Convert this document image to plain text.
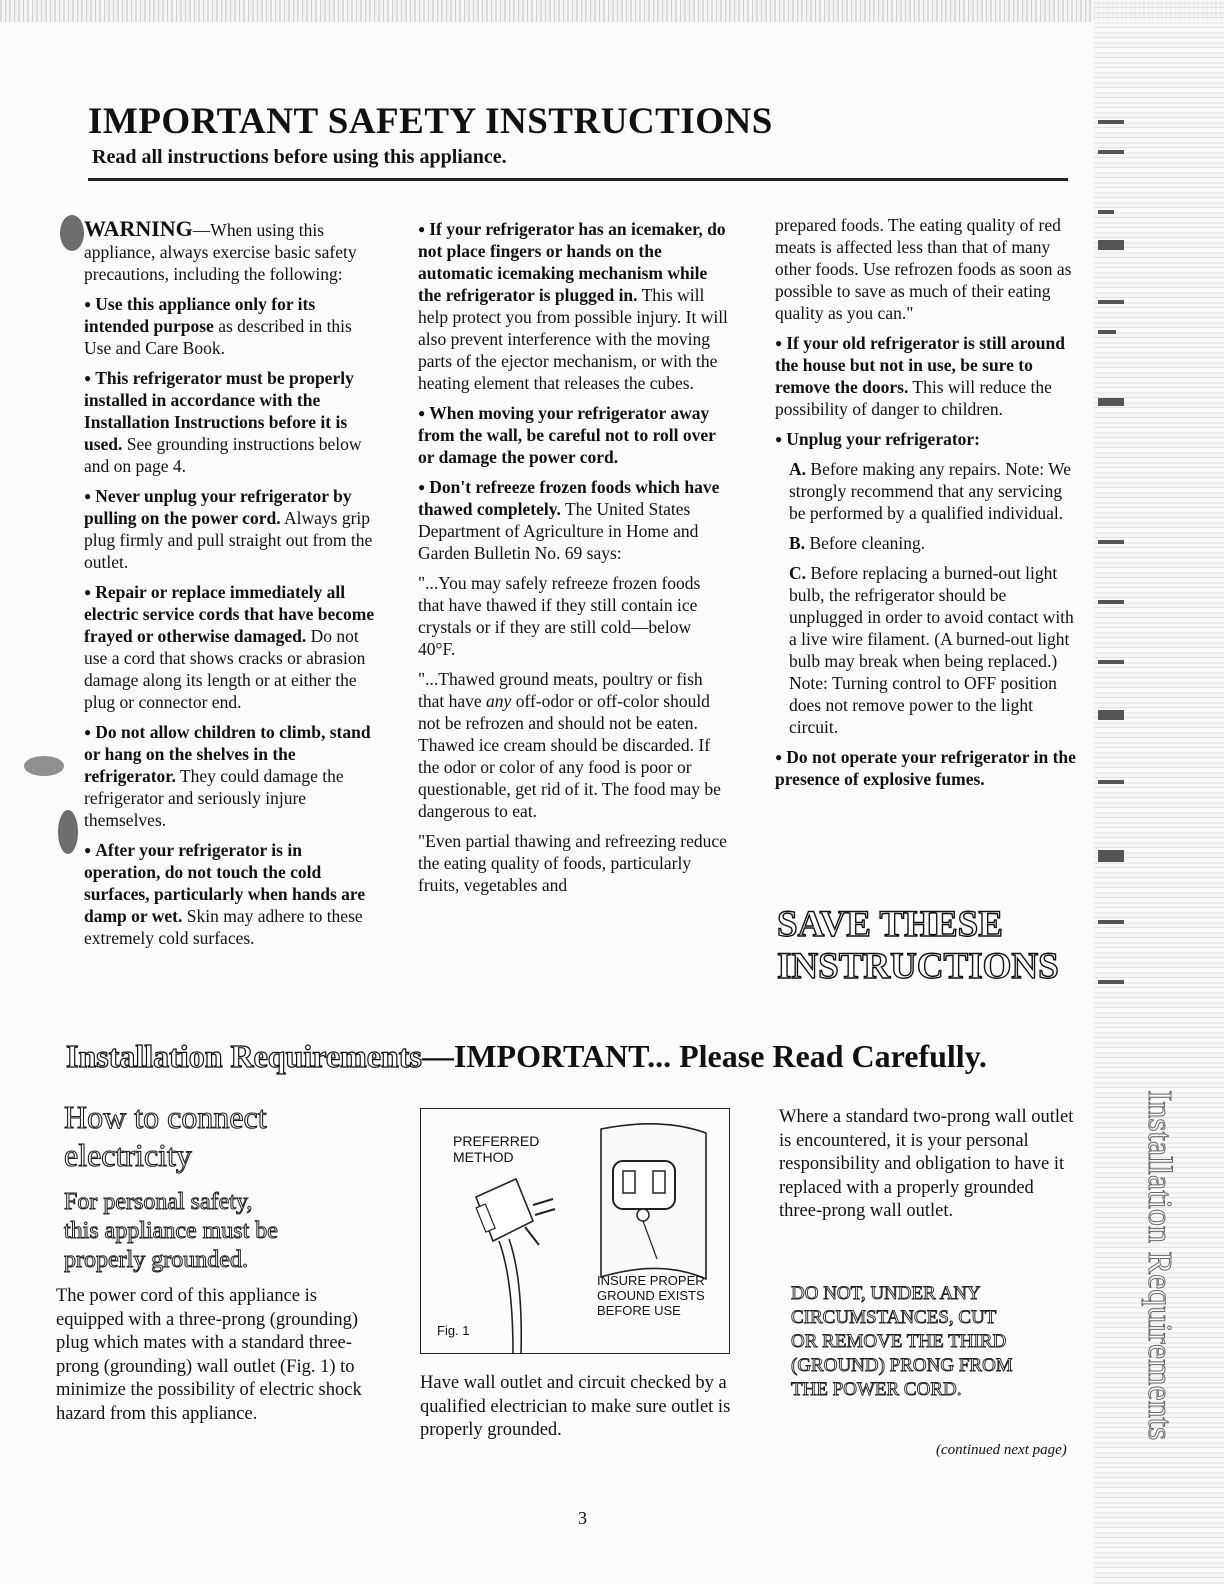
Installation Requirements
IMPORTANT SAFETY INSTRUCTIONS
Read all instructions before using this appliance.

WARNING—When using this appliance, always exercise basic safety precautions, including the following:

● Use this appliance only for its intended purpose as described in this Use and Care Book.

● This refrigerator must be properly installed in accordance with the Installation Instructions before it is used. See grounding instructions below and on page 4.

● Never unplug your refrigerator by pulling on the power cord. Always grip plug firmly and pull straight out from the outlet.

● Repair or replace immediately all electric service cords that have become frayed or otherwise damaged. Do not use a cord that shows cracks or abrasion damage along its length or at either the plug or connector end.

● Do not allow children to climb, stand or hang on the shelves in the refrigerator. They could damage the refrigerator and seriously injure themselves.

● After your refrigerator is in operation, do not touch the cold surfaces, particularly when hands are damp or wet. Skin may adhere to these extremely cold surfaces.

● If your refrigerator has an icemaker, do not place fingers or hands on the automatic icemaking mechanism while the refrigerator is plugged in. This will help protect you from possible injury. It will also prevent interference with the moving parts of the ejector mechanism, or with the heating element that releases the cubes.

● When moving your refrigerator away from the wall, be careful not to roll over or damage the power cord.

● Don't refreeze frozen foods which have thawed completely. The United States Department of Agriculture in Home and Garden Bulletin No. 69 says:

"...You may safely refreeze frozen foods that have thawed if they still contain ice crystals or if they are still cold—below 40°F.

"...Thawed ground meats, poultry or fish that have any off-odor or off-color should not be refrozen and should not be eaten. Thawed ice cream should be discarded. If the odor or color of any food is poor or questionable, get rid of it. The food may be dangerous to eat.

"Even partial thawing and refreezing reduce the eating quality of foods, particularly fruits, vegetables and

prepared foods. The eating quality of red meats is affected less than that of many other foods. Use refrozen foods as soon as possible to save as much of their eating quality as you can."

● If your old refrigerator is still around the house but not in use, be sure to remove the doors. This will reduce the possibility of danger to children.

● Unplug your refrigerator:

A. Before making any repairs. Note: We strongly recommend that any servicing be performed by a qualified individual.

B. Before cleaning.

C. Before replacing a burned-out light bulb, the refrigerator should be unplugged in order to avoid contact with a live wire filament. (A burned-out light bulb may break when being replaced.) Note: Turning control to OFF position does not remove power to the light circuit.

● Do not operate your refrigerator in the presence of explosive fumes.

SAVE THESE
INSTRUCTIONS
Installation Requirements—IMPORTANT... Please Read Carefully.
How to connect
electricity
For personal safety,
this appliance must be
properly grounded.
The power cord of this appliance is equipped with a three-prong (grounding) plug which mates with a standard three-prong (grounding) wall outlet (Fig. 1) to minimize the possibility of electric shock hazard from this appliance.
PREFERRED
METHOD
INSURE PROPER
GROUND EXISTS
BEFORE USE
Fig. 1
Have wall outlet and circuit checked by a qualified electrician to make sure outlet is properly grounded.
Where a standard two-prong wall outlet is encountered, it is your personal responsibility and obligation to have it replaced with a properly grounded three-prong wall outlet.
DO NOT, UNDER ANY
CIRCUMSTANCES, CUT
OR REMOVE THE THIRD
(GROUND) PRONG FROM
THE POWER CORD.
(continued next page)
3
